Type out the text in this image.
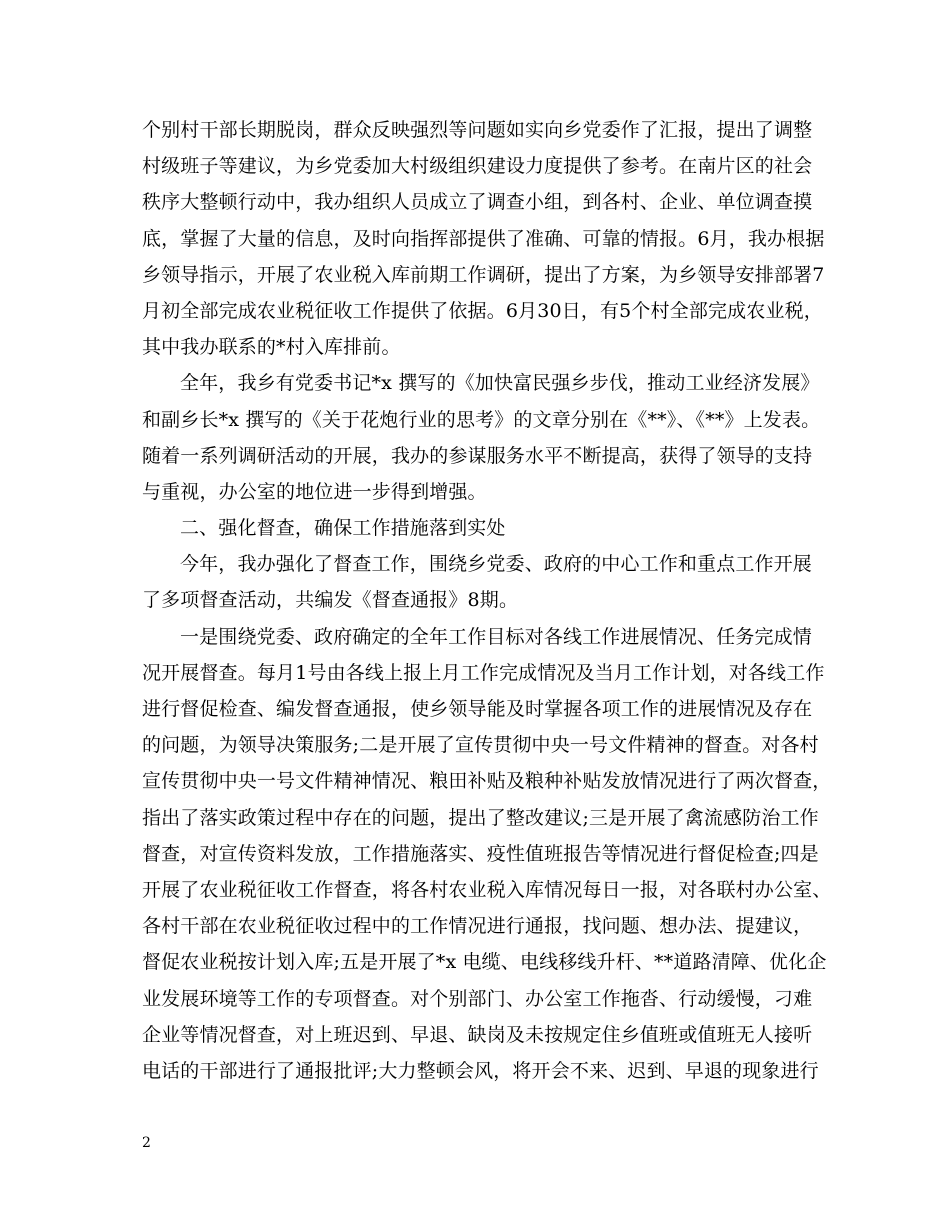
个别村干部长期脱岗，群众反映强烈等问题如实向乡党委作了汇报，提出了调整
村级班子等建议，为乡党委加大村级组织建设力度提供了参考。在南片区的社会
秩序大整顿行动中，我办组织人员成立了调查小组，到各村、企业、单位调查摸
底，掌握了大量的信息，及时向指挥部提供了准确、可靠的情报。6月，我办根据
乡领导指示，开展了农业税入库前期工作调研，提出了方案，为乡领导安排部署7
月初全部完成农业税征收工作提供了依据。6月30日，有5个村全部完成农业税，
其中我办联系的*村入库排前。
全年，我乡有党委书记*x 撰写的《加快富民强乡步伐，推动工业经济发展》
和副乡长*x 撰写的《关于花炮行业的思考》的文章分别在《**》、《**》上发表。
随着一系列调研活动的开展，我办的参谋服务水平不断提高，获得了领导的支持
与重视，办公室的地位进一步得到增强。
二、强化督查，确保工作措施落到实处
今年，我办强化了督查工作，围绕乡党委、政府的中心工作和重点工作开展
了多项督查活动，共编发《督查通报》8期。
一是围绕党委、政府确定的全年工作目标对各线工作进展情况、任务完成情
况开展督查。每月1号由各线上报上月工作完成情况及当月工作计划，对各线工作
进行督促检查、编发督查通报，使乡领导能及时掌握各项工作的进展情况及存在
的问题，为领导决策服务;二是开展了宣传贯彻中央一号文件精神的督查。对各村
宣传贯彻中央一号文件精神情况、粮田补贴及粮种补贴发放情况进行了两次督查，
指出了落实政策过程中存在的问题，提出了整改建议;三是开展了禽流感防治工作
督查，对宣传资料发放，工作措施落实、疫性值班报告等情况进行督促检查;四是
开展了农业税征收工作督查，将各村农业税入库情况每日一报，对各联村办公室、
各村干部在农业税征收过程中的工作情况进行通报，找问题、想办法、提建议，
督促农业税按计划入库;五是开展了*x 电缆、电线移线升杆、**道路清障、优化企
业发展环境等工作的专项督查。对个别部门、办公室工作拖沓、行动缓慢，刁难
企业等情况督查，对上班迟到、早退、缺岗及未按规定住乡值班或值班无人接听
电话的干部进行了通报批评;大力整顿会风，将开会不来、迟到、早退的现象进行
2
